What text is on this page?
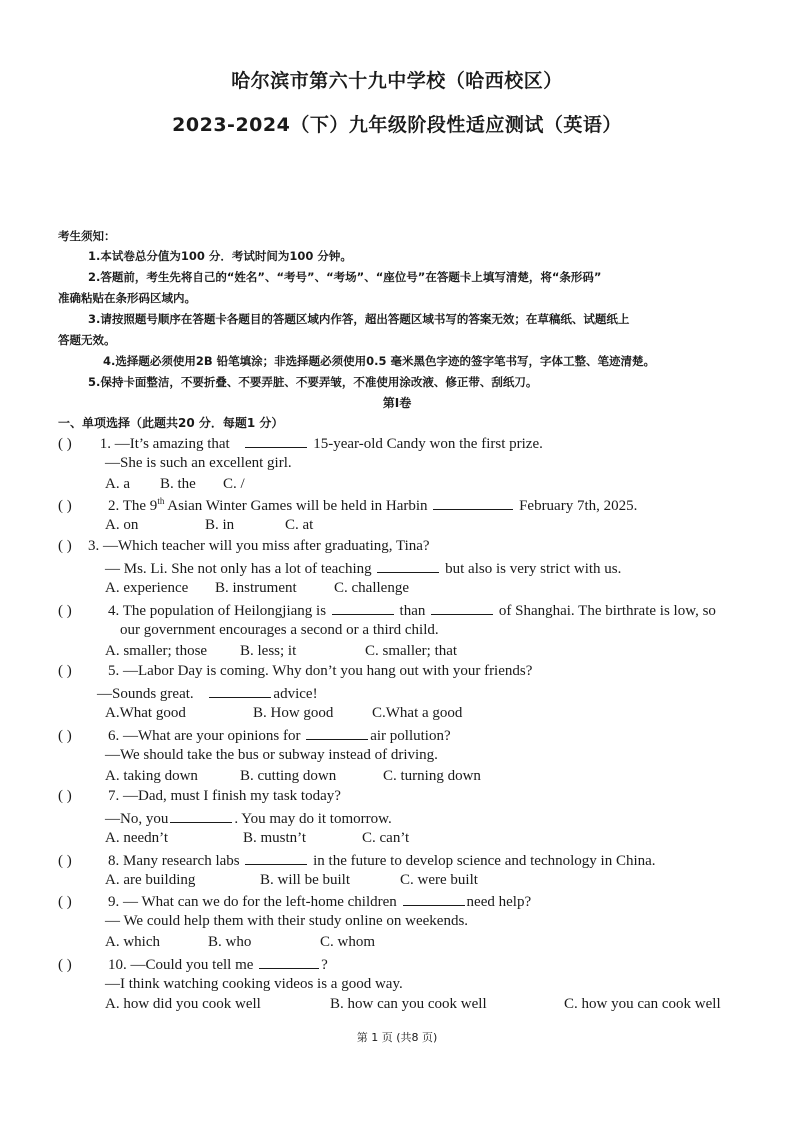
哈尔滨市第六十九中学校（哈西校区）
2023-2024（下）九年级阶段性适应测试（英语）
考生须知：
1.本试卷总分值为100 分．考试时间为100 分钟。
2.答题前，考生先将自己的“姓名”、“考号”、“考场”、“座位号”在答题卡上填写清楚，将“条形码”
准确粘贴在条形码区域内。
3.请按照题号顺序在答题卡各题目的答题区域内作答，超出答题区域书写的答案无效；在草稿纸、试题纸上
答题无效。
4.选择题必须使用2B 铅笔填涂；非选择题必须使用0.5 毫米黑色字迹的签字笔书写，字体工整、笔迹清楚。
5.保持卡面整洁，不要折叠、不要弄脏、不要弄皱，不准使用涂改液、修正带、刮纸刀。
第Ⅰ卷
一、单项选择（此题共20 分．每题1 分）
( ) 1. —It’s amazing that	15-year-old Candy won the first prize.
—She is such an excellent girl.
A. a B. the C. /
( ) 2. The 9th Asian Winter Games will be held in Harbin	February 7th, 2025.
A. on	B. in	C. at
( ) 3. —Which teacher will you miss after graduating, Tina?
— Ms. Li. She not only has a lot of teaching	but also is very strict with us.
A. experience B. instrument C. challenge
( ) 4. The population of Heilongjiang is	than	of Shanghai. The birthrate is low, so
our government encourages a second or a third child.
A. smaller; those B. less; it	C. smaller; that
( ) 5. —Labor Day is coming. Why don’t you hang out with your friends?
—Sounds great.	advice!
A.What good	B. How good	C.What a good
( ) 6. —What are your opinions for	air pollution?
—We should take the bus or subway instead of driving.
A. taking down	B. cutting down	C. turning down
( ) 7. —Dad, must I finish my task today?
—No, you	. You may do it tomorrow.
A. needn’t	B. mustn’t	C. can’t
( ) 8. Many research labs	in the future to develop science and technology in China.
A. are building	B. will be built	C. were built
( ) 9. — What can we do for the left-home children	need help?
— We could help them with their study online on weekends.
A. which	B. who	C. whom
( ) 10. —Could you tell me	?
—I think watching cooking videos is a good way.
A. how did you cook well	B. how can you cook well	C. how you can cook well
第 1 页 (共8 页)
